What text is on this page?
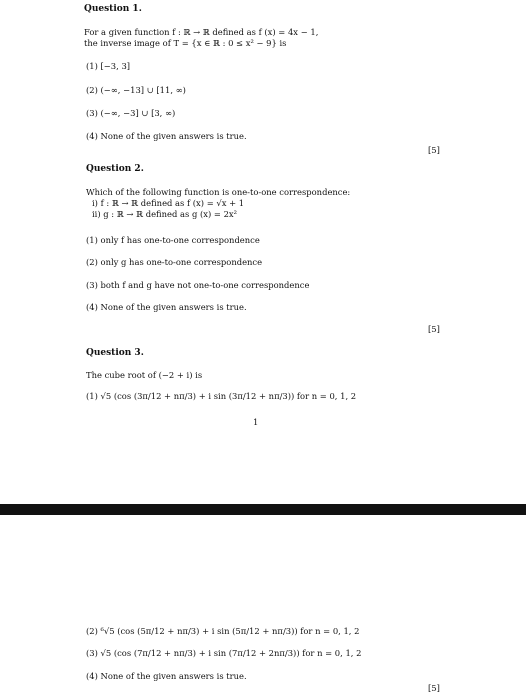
Question 1.
For a given function f : ℝ → ℝ defined as f (x) = 4x − 1,
the inverse image of T = {x ∈ ℝ : 0 ≤ x² − 9} is
(1) [−3, 3]
(2) (−∞, −13] ∪ [11, ∞)
(3) (−∞, −3] ∪ [3, ∞)
(4) None of the given answers is true.
[5]
Question 2.
Which of the following function is one-to-one correspondence:
i) f : ℝ → ℝ defined as f (x) = √x + 1
ii) g : ℝ → ℝ defined as g (x) = 2x²
(1) only f has one-to-one correspondence
(2) only g has one-to-one correspondence
(3) both f and g have not one-to-one correspondence
(4) None of the given answers is true.
[5]
Question 3.
The cube root of (−2 + i) is
(1) √5 (cos (3π/12 + nπ/3) + i sin (3π/12 + nπ/3)) for n = 0, 1, 2
1
(2) ⁶√5 (cos (5π/12 + nπ/3) + i sin (5π/12 + nπ/3)) for n = 0, 1, 2
(3) √5 (cos (7π/12 + nπ/3) + i sin (7π/12 + 2nπ/3)) for n = 0, 1, 2
(4) None of the given answers is true.
[5]
